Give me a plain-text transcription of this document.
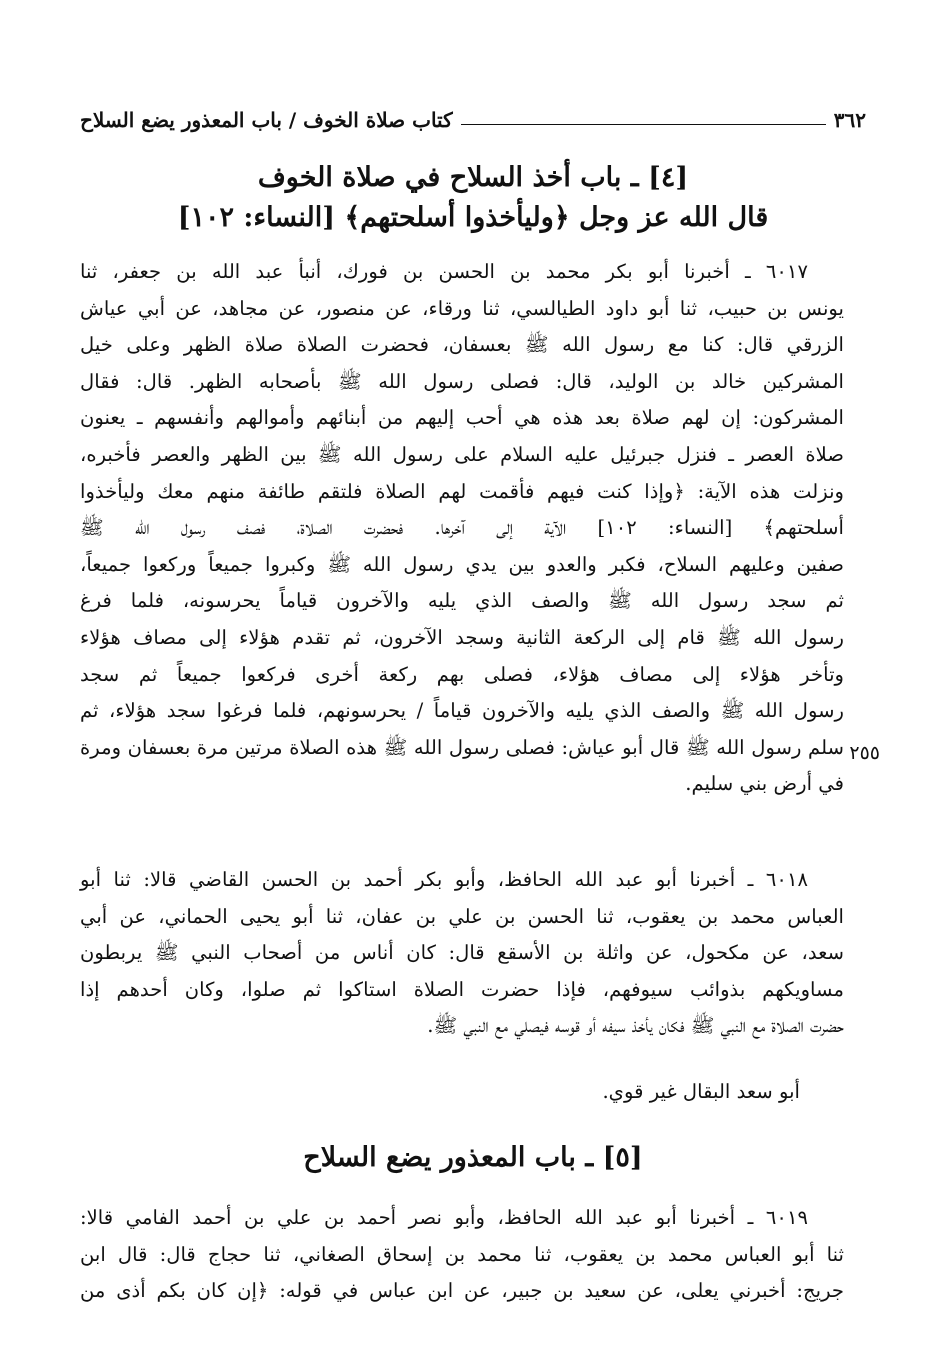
٣٦٢
كتاب صلاة الخوف / باب المعذور يضع السلاح
[٤] ـ باب أخذ السلاح في صلاة الخوف
قال الله عز وجل ﴿وليأخذوا أسلحتهم﴾ [النساء: ١٠٢]
٦٠١٧ ـ أخبرنا أبو بكر محمد بن الحسن بن فورك، أنبأ عبد الله بن جعفر، ثنا
يونس بن حبيب، ثنا أبو داود الطيالسي، ثنا ورقاء، عن منصور، عن مجاهد، عن أبي عياش
الزرقي قال: كنا مع رسول الله ﷺ بعسفان، فحضرت الصلاة صلاة الظهر وعلى خيل
المشركين خالد بن الوليد، قال: فصلى رسول الله ﷺ بأصحابه الظهر. قال: فقال
المشركون: إن لهم صلاة بعد هذه هي أحب إليهم من أبنائهم وأموالهم وأنفسهم ـ يعنون
صلاة العصر ـ فنزل جبرئيل عليه السلام على رسول الله ﷺ بين الظهر والعصر فأخبره،
ونزلت هذه الآية: ﴿وإذا كنت فيهم فأقمت لهم الصلاة فلتقم طائفة منهم معك وليأخذوا
أسلحتهم﴾ [النساء: ١٠٢] الآية إلى آخرها. فحضرت الصلاة، فصف رسول الله ﷺ
صفين وعليهم السلاح، فكبر والعدو بين يدي رسول الله ﷺ وكبروا جميعاً وركعوا جميعاً،
ثم سجد رسول الله ﷺ والصف الذي يليه والآخرون قياماً يحرسونه، فلما فرغ
رسول الله ﷺ قام إلى الركعة الثانية وسجد الآخرون، ثم تقدم هؤلاء إلى مصاف هؤلاء
وتأخر هؤلاء إلى مصاف هؤلاء، فصلى بهم ركعة أخرى فركعوا جميعاً ثم سجد
رسول الله ﷺ والصف الذي يليه والآخرون قياماً / يحرسونهم، فلما فرغوا سجد هؤلاء، ثم
سلم رسول الله ﷺ قال أبو عياش: فصلى رسول الله ﷺ هذه الصلاة مرتين مرة بعسفان ومرة
في أرض بني سليم.
٢٥٥
٦٠١٨ ـ أخبرنا أبو عبد الله الحافظ، وأبو بكر أحمد بن الحسن القاضي قالا: ثنا أبو
العباس محمد بن يعقوب، ثنا الحسن بن علي بن عفان، ثنا أبو يحيى الحماني، عن أبي
سعد، عن مكحول، عن واثلة بن الأسقع قال: كان أناس من أصحاب النبي ﷺ يربطون
مساويكهم بذوائب سيوفهم، فإذا حضرت الصلاة استاكوا ثم صلوا، وكان أحدهم إذا
حضرت الصلاة مع النبي ﷺ فكان يأخذ سيفه أو قوسه فيصلي مع النبي ﷺ.
أبو سعد البقال غير قوي.
[٥] ـ باب المعذور يضع السلاح
٦٠١٩ ـ أخبرنا أبو عبد الله الحافظ، وأبو نصر أحمد بن علي بن أحمد الفامي قالا:
ثنا أبو العباس محمد بن يعقوب، ثنا محمد بن إسحاق الصغاني، ثنا حجاج قال: قال ابن
جريج: أخبرني يعلى، عن سعيد بن جبير، عن ابن عباس في قوله: ﴿إن كان بكم أذى من
